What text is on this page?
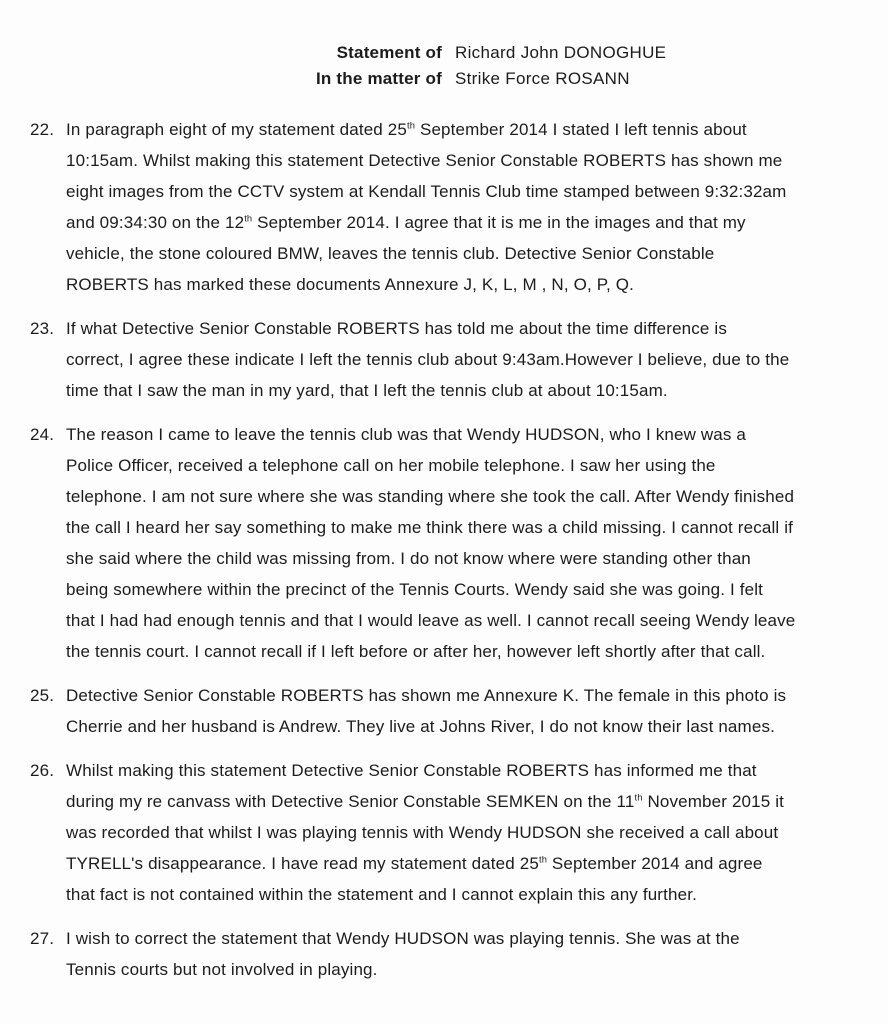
Statement of Richard John DONOGHUE
In the matter of Strike Force ROSANN
22. In paragraph eight of my statement dated 25th September 2014 I stated I left tennis about
10:15am. Whilst making this statement Detective Senior Constable ROBERTS has shown me
eight images from the CCTV system at Kendall Tennis Club time stamped between 9:32:32am
and 09:34:30 on the 12th September 2014. I agree that it is me in the images and that my
vehicle, the stone coloured BMW, leaves the tennis club. Detective Senior Constable
ROBERTS has marked these documents Annexure J, K, L, M , N, O, P, Q.
23. If what Detective Senior Constable ROBERTS has told me about the time difference is
correct, I agree these indicate I left the tennis club about 9:43am.However I believe, due to the
time that I saw the man in my yard, that I left the tennis club at about 10:15am.
24. The reason I came to leave the tennis club was that Wendy HUDSON, who I knew was a
Police Officer, received a telephone call on her mobile telephone. I saw her using the
telephone. I am not sure where she was standing where she took the call. After Wendy finished
the call I heard her say something to make me think there was a child missing. I cannot recall if
she said where the child was missing from. I do not know where were standing other than
being somewhere within the precinct of the Tennis Courts. Wendy said she was going. I felt
that I had had enough tennis and that I would leave as well. I cannot recall seeing Wendy leave
the tennis court. I cannot recall if I left before or after her, however left shortly after that call.
25. Detective Senior Constable ROBERTS has shown me Annexure K. The female in this photo is
Cherrie and her husband is Andrew. They live at Johns River, I do not know their last names.
26. Whilst making this statement Detective Senior Constable ROBERTS has informed me that
during my re canvass with Detective Senior Constable SEMKEN on the 11th November 2015 it
was recorded that whilst I was playing tennis with Wendy HUDSON she received a call about
TYRELL's disappearance. I have read my statement dated 25th September 2014 and agree
that fact is not contained within the statement and I cannot explain this any further.
27. I wish to correct the statement that Wendy HUDSON was playing tennis. She was at the
Tennis courts but not involved in playing.
